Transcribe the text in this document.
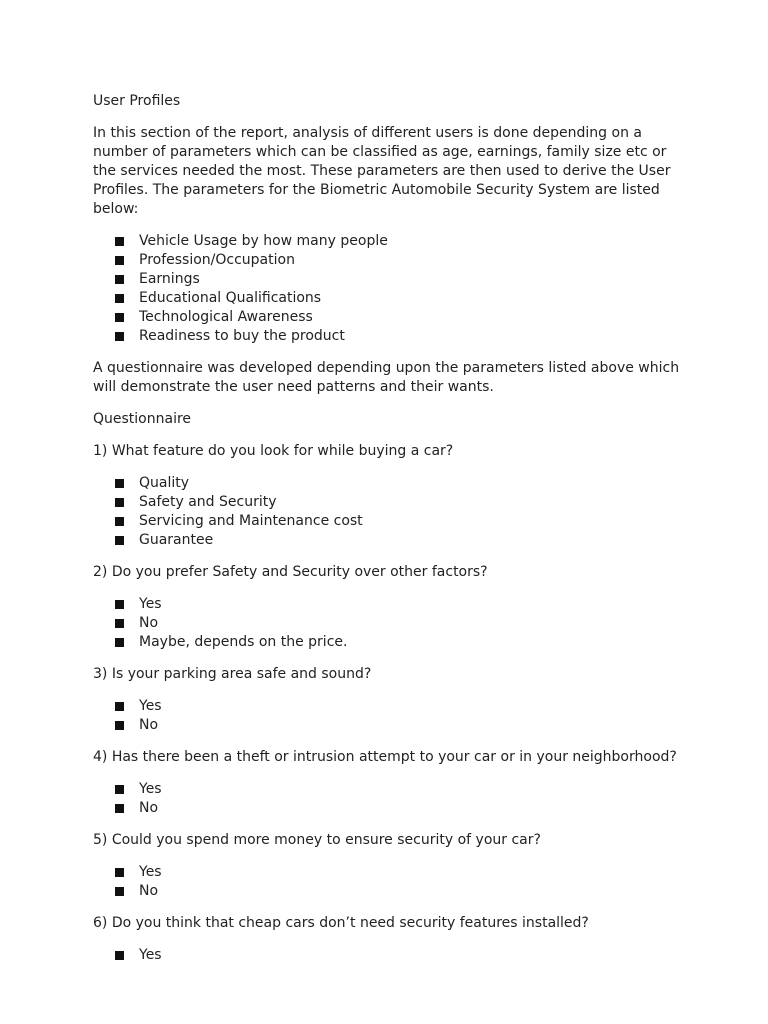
User Profiles

In this section of the report, analysis of different users is done depending on a number of parameters which can be classified as age, earnings, family size etc or the services needed the most. These parameters are then used to derive the User Profiles. The parameters for the Biometric Automobile Security System are listed below:

Vehicle Usage by how many people
Profession/Occupation
Earnings
Educational Qualifications
Technological Awareness
Readiness to buy the product

A questionnaire was developed depending upon the parameters listed above which will demonstrate the user need patterns and their wants.

Questionnaire

1) What feature do you look for while buying a car?

Quality
Safety and Security
Servicing and Maintenance cost
Guarantee

2) Do you prefer Safety and Security over other factors?

Yes
No
Maybe, depends on the price.

3) Is your parking area safe and sound?

Yes
No

4) Has there been a theft or intrusion attempt to your car or in your neighborhood?

Yes
No

5) Could you spend more money to ensure security of your car?

Yes
No

6) Do you think that cheap cars don’t need security features installed?

Yes
